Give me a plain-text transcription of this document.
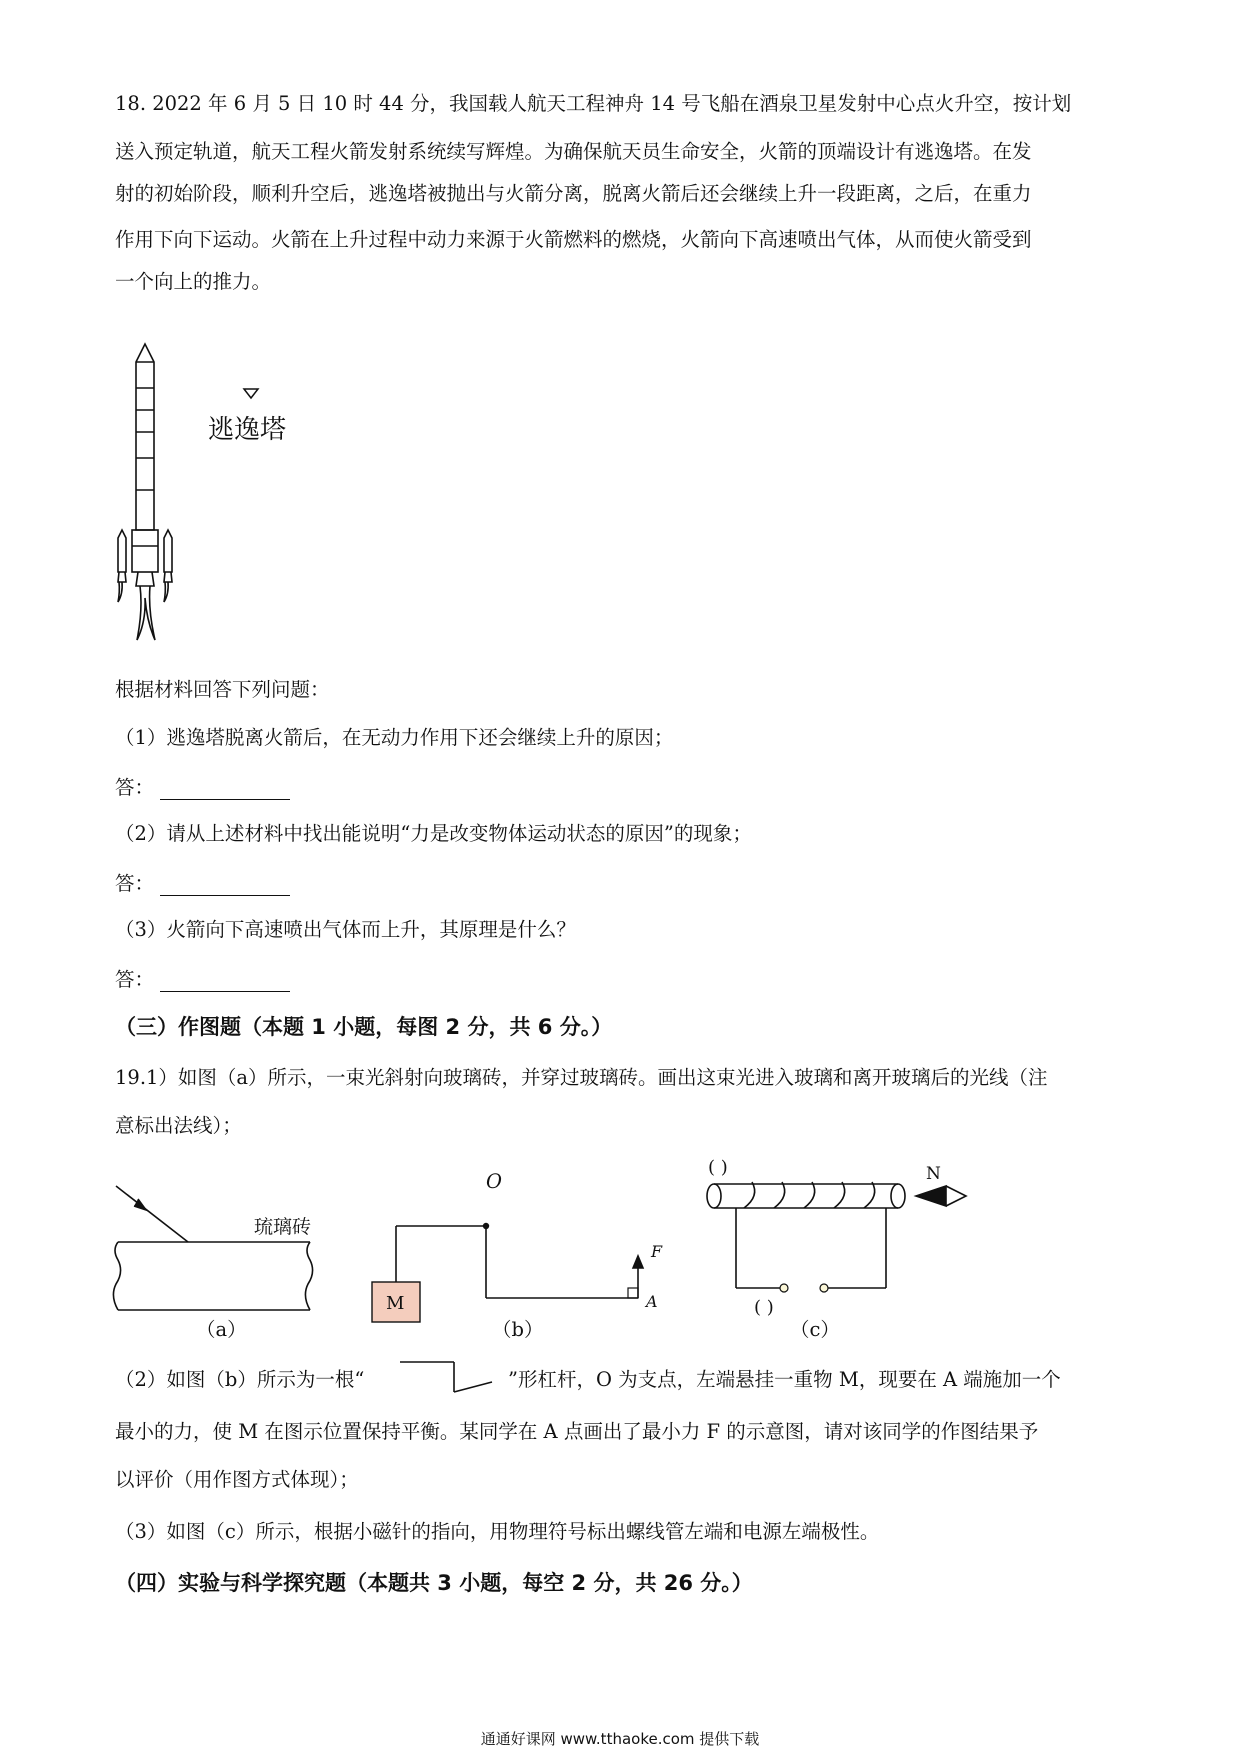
18. 2022 年 6 月 5 日 10 时 44 分，我国载人航天工程神舟 14 号飞船在酒泉卫星发射中心点火升空，按计划
送入预定轨道，航天工程火箭发射系统续写辉煌。为确保航天员生命安全，火箭的顶端设计有逃逸塔。在发
射的初始阶段，顺利升空后，逃逸塔被抛出与火箭分离，脱离火箭后还会继续上升一段距离，之后，在重力
作用下向下运动。火箭在上升过程中动力来源于火箭燃料的燃烧，火箭向下高速喷出气体，从而使火箭受到
一个向上的推力。
逃逸塔
根据材料回答下列问题：
（1）逃逸塔脱离火箭后，在无动力作用下还会继续上升的原因；
答：
（2）请从上述材料中找出能说明“力是改变物体运动状态的原因”的现象；
答：
（3）火箭向下高速喷出气体而上升，其原理是什么？
答：
（三）作图题（本题 1 小题，每图 2 分，共 6 分。）
19.1）如图（a）所示，一束光斜射向玻璃砖，并穿过玻璃砖。画出这束光进入玻璃和离开玻璃后的光线（注
意标出法线）；
琉璃砖
（a）
O
F
A
M
（b）
( )	N
( )
（c）
（2）如图（b）所示为一根“	”形杠杆，O 为支点，左端悬挂一重物 M，现要在 A 端施加一个
最小的力，使 M 在图示位置保持平衡。某同学在 A 点画出了最小力 F 的示意图，请对该同学的作图结果予
以评价（用作图方式体现）；
（3）如图（c）所示，根据小磁针的指向，用物理符号标出螺线管左端和电源左端极性。
（四）实验与科学探究题（本题共 3 小题，每空 2 分，共 26 分。）
通通好课网 www.tthaoke.com 提供下载
